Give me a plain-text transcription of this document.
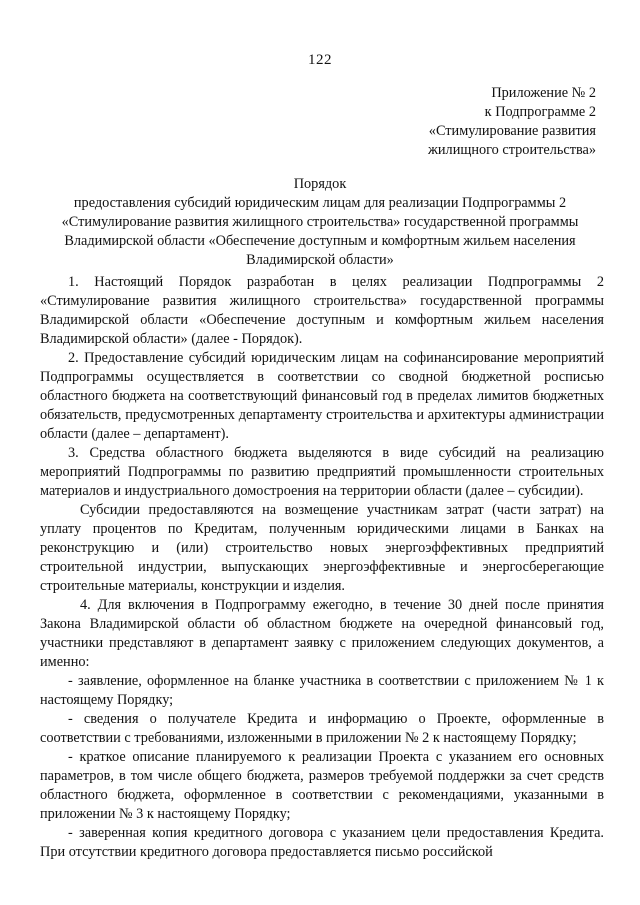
122
Приложение № 2
к Подпрограмме 2
«Стимулирование развития
жилищного строительства»
Порядок
предоставления субсидий юридическим лицам для реализации Подпрограммы 2 «Стимулирование развития жилищного строительства» государственной программы Владимирской области «Обеспечение доступным и комфортным жильем населения Владимирской области»

1. Настоящий Порядок разработан в целях реализации Подпрограммы 2 «Стимулирование развития жилищного строительства» государственной программы Владимирской области «Обеспечение доступным и комфортным жильем населения Владимирской области» (далее - Порядок).

2. Предоставление субсидий юридическим лицам на софинансирование мероприятий Подпрограммы осуществляется в соответствии со сводной бюджетной росписью областного бюджета на соответствующий финансовый год в пределах лимитов бюджетных обязательств, предусмотренных департаменту строительства и архитектуры администрации области (далее – департамент).

3. Средства областного бюджета выделяются в виде субсидий на реализацию мероприятий Подпрограммы по развитию предприятий промышленности строительных материалов и индустриального домостроения на территории области (далее – субсидии).

Субсидии предоставляются на возмещение участникам затрат (части затрат) на уплату процентов по Кредитам, полученным юридическими лицами в Банках на реконструкцию и (или) строительство новых энергоэффективных предприятий строительной индустрии, выпускающих энергоэффективные и энергосберегающие строительные материалы, конструкции и изделия.

4. Для включения в Подпрограмму ежегодно, в течение 30 дней после принятия Закона Владимирской области об областном бюджете на очередной финансовый год, участники представляют в департамент заявку с приложением следующих документов, а именно:

- заявление, оформленное на бланке участника в соответствии с приложением № 1 к настоящему Порядку;

- сведения о получателе Кредита и информацию о Проекте, оформленные в соответствии с требованиями, изложенными в приложении № 2 к настоящему Порядку;

- краткое описание планируемого к реализации Проекта с указанием его основных параметров, в том числе общего бюджета, размеров требуемой поддержки за счет средств областного бюджета, оформленное в соответствии с рекомендациями, указанными в приложении № 3 к настоящему Порядку;

- заверенная копия кредитного договора с указанием цели предоставления Кредита. При отсутствии кредитного договора предоставляется письмо российской
